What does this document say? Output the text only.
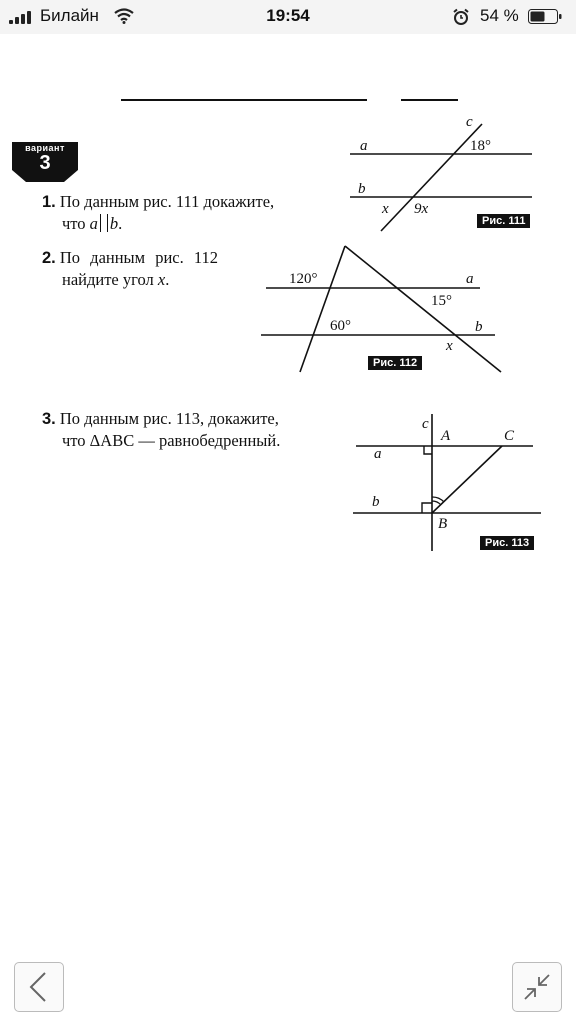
Билайн	19:54	54 %
вариант
3
1. По данным рис. 111 докажите,
что a b.
2. По данным рис. 112
найдите угол x.
3. По данным рис. 113, докажите,
что ΔABC — равнобедренный.
a
b
c
18°
x 9x
Рис. 111
120°	a
15°
60°	b
x
Рис. 112
c
A	C
a
b
B
Рис. 113
